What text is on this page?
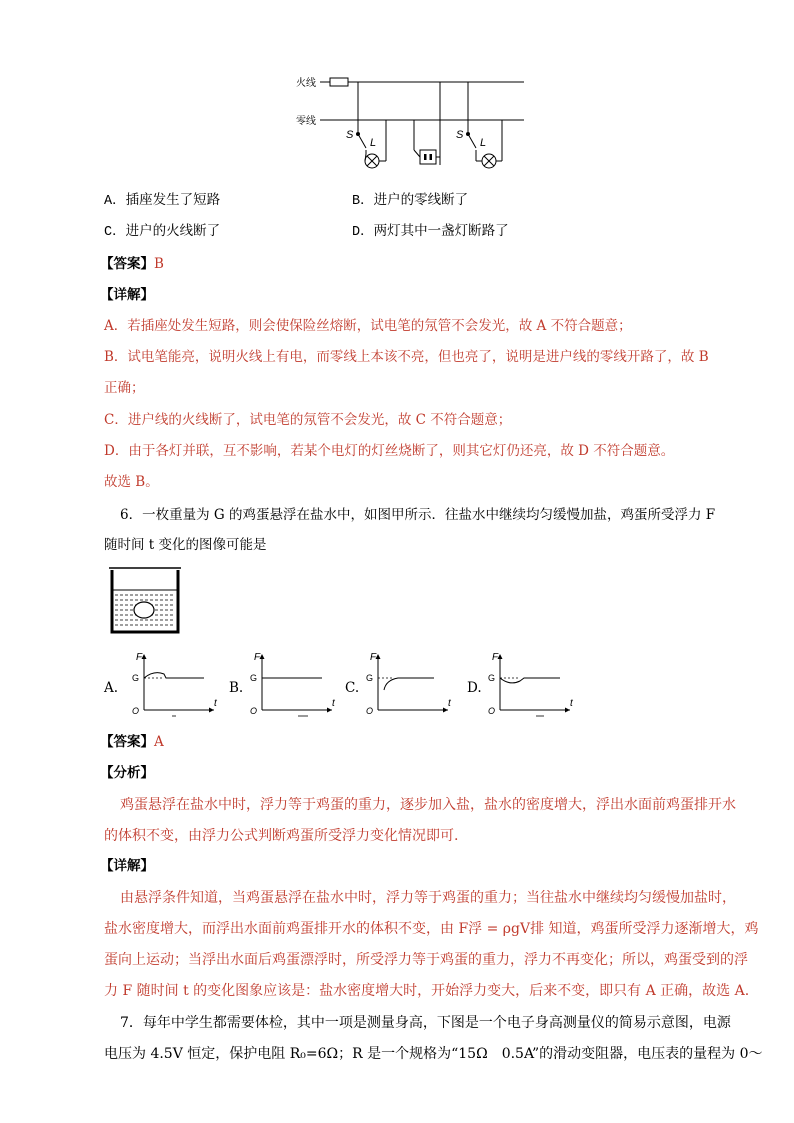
火线
零线
S
L
S
L
A．插座发生了短路	B．进户的零线断了
C．进户的火线断了	D．两灯其中一盏灯断路了
【答案】B
【详解】
A．若插座处发生短路，则会使保险丝熔断，试电笔的氖管不会发光，故 A 不符合题意；
B．试电笔能亮，说明火线上有电，而零线上本该不亮，但也亮了，说明是进户线的零线开路了，故 B
正确；
C．进户线的火线断了，试电笔的氖管不会发光，故 C 不符合题意；
D．由于各灯并联，互不影响，若某个电灯的灯丝烧断了，则其它灯仍还亮，故 D 不符合题意。
故选 B。
6．一枚重量为 G 的鸡蛋悬浮在盐水中，如图甲所示．往盐水中继续均匀缓慢加盐，鸡蛋所受浮力 F
随时间 t 变化的图像可能是
A.
F
G
O
t
B.
F
G
O
t
C.
F
G
O
t
D.
F
G
O
t
【答案】A
【分析】
鸡蛋悬浮在盐水中时，浮力等于鸡蛋的重力，逐步加入盐，盐水的密度增大，浮出水面前鸡蛋排开水
的体积不变，由浮力公式判断鸡蛋所受浮力变化情况即可.
【详解】
由悬浮条件知道，当鸡蛋悬浮在盐水中时，浮力等于鸡蛋的重力；当往盐水中继续均匀缓慢加盐时，
盐水密度增大，而浮出水面前鸡蛋排开水的体积不变，由 F浮 = ρgV排 知道，鸡蛋所受浮力逐渐增大，鸡
蛋向上运动；当浮出水面后鸡蛋漂浮时，所受浮力等于鸡蛋的重力，浮力不再变化；所以，鸡蛋受到的浮
力 F 随时间 t 的变化图象应该是：盐水密度增大时，开始浮力变大，后来不变，即只有 A 正确，故选 A.
7．每年中学生都需要体检，其中一项是测量身高，下图是一个电子身高测量仪的简易示意图，电源
电压为 4.5V 恒定，保护电阻 R₀=6Ω；R 是一个规格为“15Ω　0.5A”的滑动变阻器，电压表的量程为 0～
